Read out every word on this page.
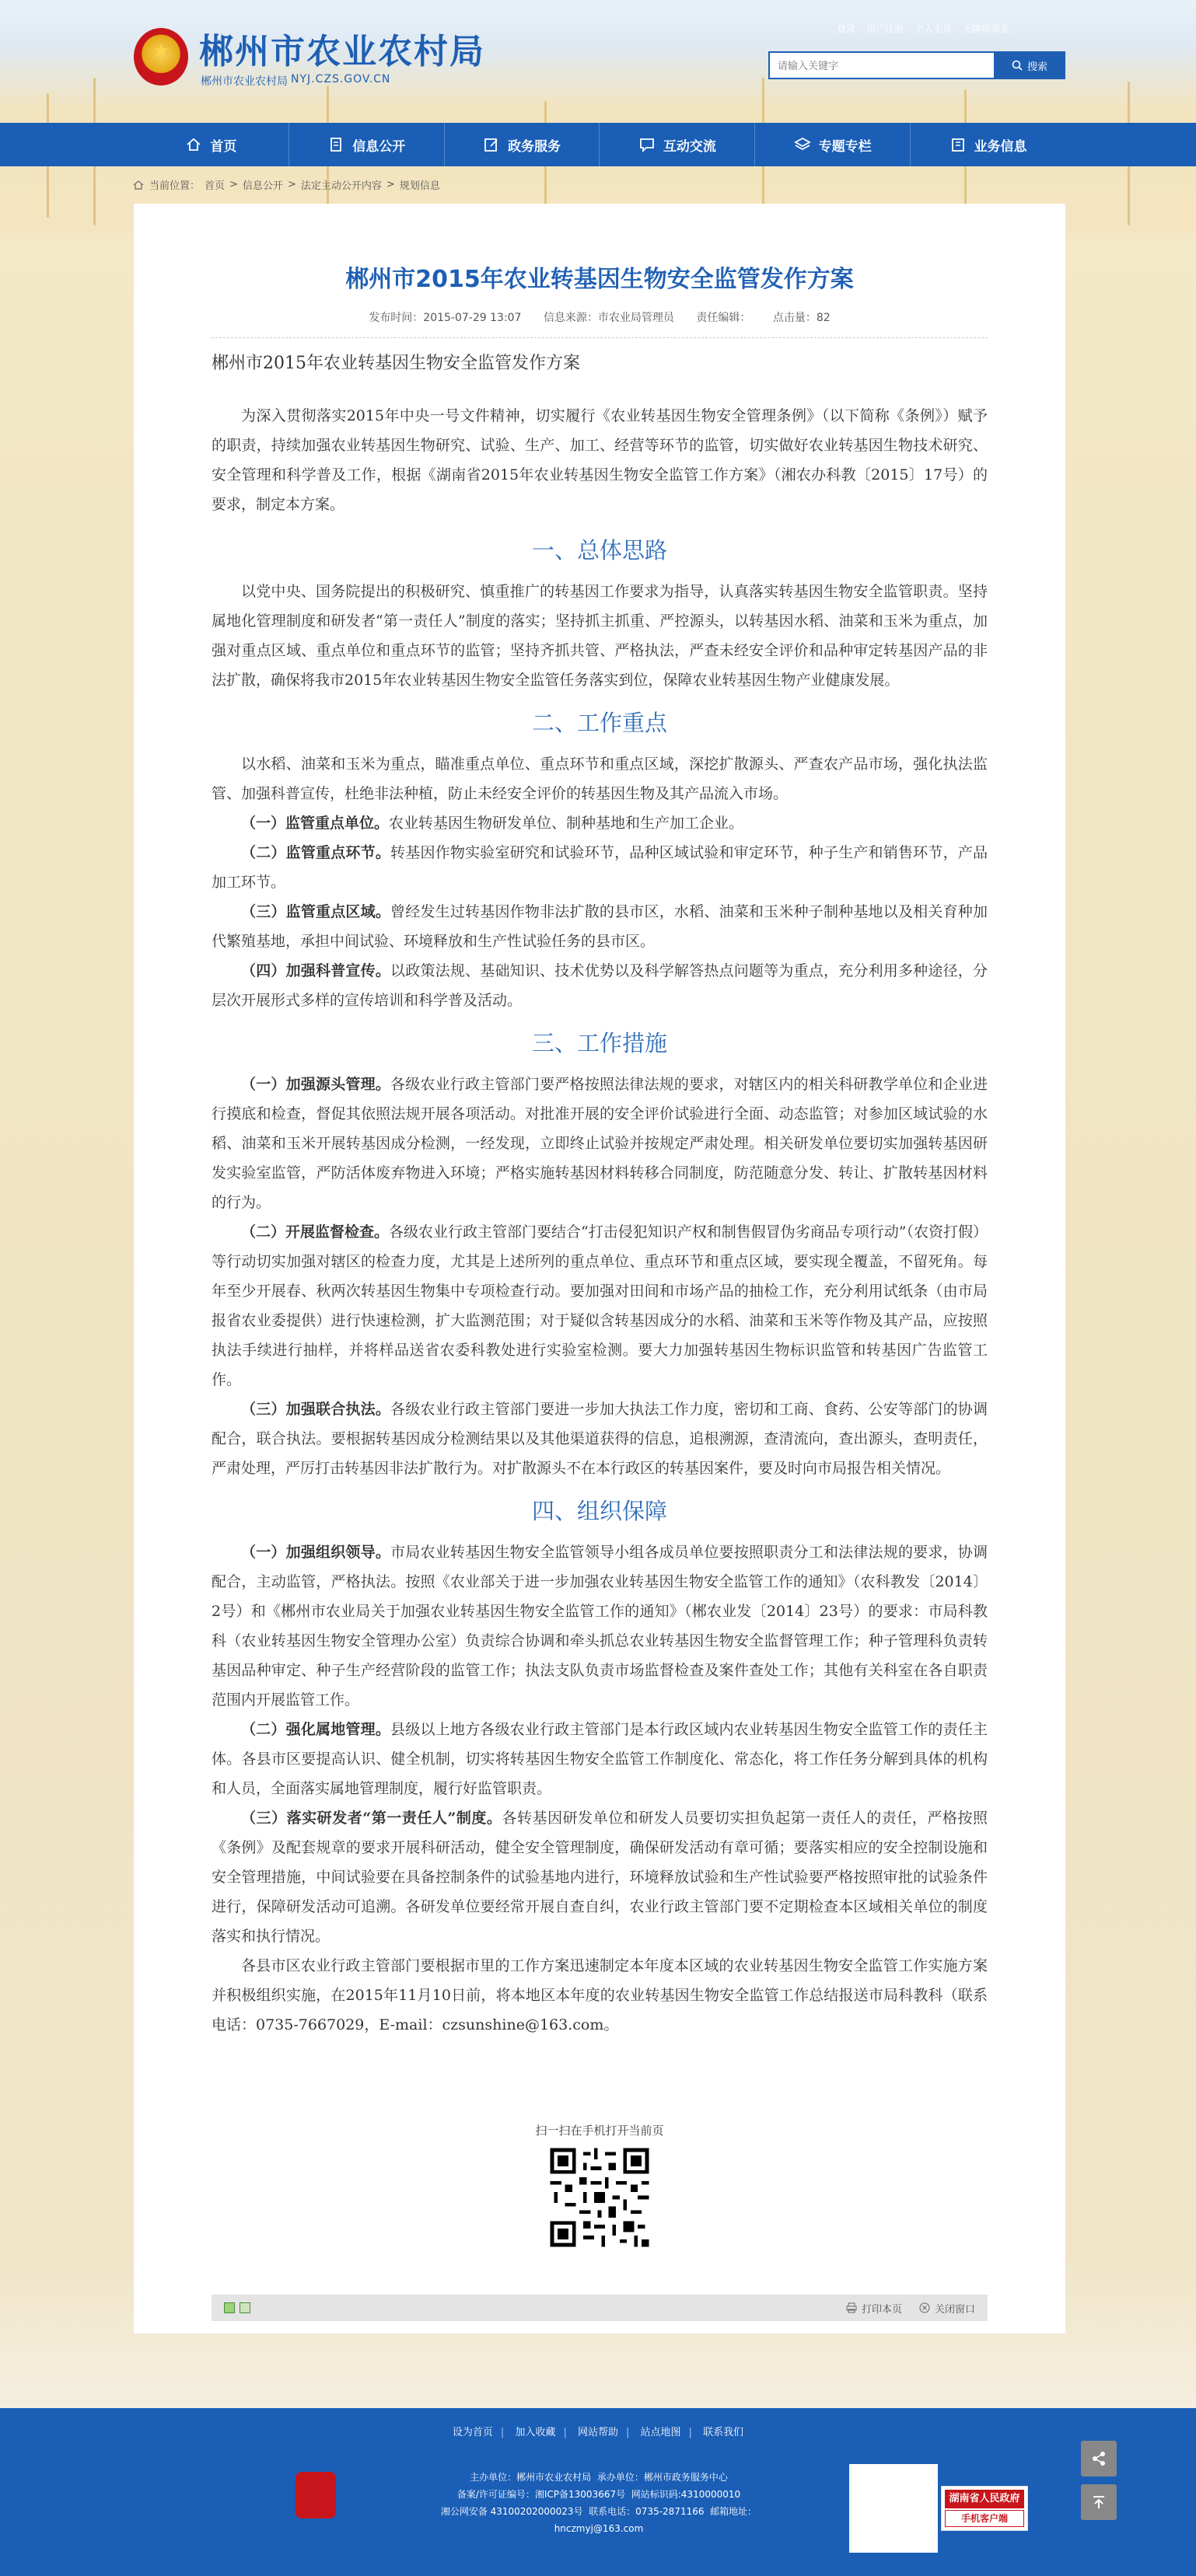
郴州市农业农村局
郴州市农业农村局 NYJ.CZS.GOV.CN
登录 用户注册 个人主页 无障碍浏览
请输入关键字
搜索
首页	信息公开	政务服务	互动交流	专题专栏	业务信息
当前位置： 首页 > 信息公开 > 法定主动公开内容 > 规划信息
郴州市2015年农业转基因生物安全监管发作方案
发布时间：2015-07-29 13:07 信息来源：市农业局管理员 责任编辑： 点击量：82
郴州市2015年农业转基因生物安全监管发作方案

为深入贯彻落实2015年中央一号文件精神，切实履行《农业转基因生物安全管理条例》（以下简称《条例》）赋予的职责，持续加强农业转基因生物研究、试验、生产、加工、经营等环节的监管，切实做好农业转基因生物技术研究、安全管理和科学普及工作，根据《湖南省2015年农业转基因生物安全监管工作方案》（湘农办科教〔2015〕17号）的要求，制定本方案。

一、总体思路

以党中央、国务院提出的积极研究、慎重推广的转基因工作要求为指导，认真落实转基因生物安全监管职责。坚持属地化管理制度和研发者“第一责任人”制度的落实；坚持抓主抓重、严控源头，以转基因水稻、油菜和玉米为重点，加强对重点区域、重点单位和重点环节的监管；坚持齐抓共管、严格执法，严查未经安全评价和品种审定转基因产品的非法扩散，确保将我市2015年农业转基因生物安全监管任务落实到位，保障农业转基因生物产业健康发展。

二、工作重点

以水稻、油菜和玉米为重点，瞄准重点单位、重点环节和重点区域，深挖扩散源头、严查农产品市场，强化执法监管、加强科普宣传，杜绝非法种植，防止未经安全评价的转基因生物及其产品流入市场。

（一）监管重点单位。农业转基因生物研发单位、制种基地和生产加工企业。

（二）监管重点环节。转基因作物实验室研究和试验环节，品种区域试验和审定环节，种子生产和销售环节，产品加工环节。

（三）监管重点区域。曾经发生过转基因作物非法扩散的县市区，水稻、油菜和玉米种子制种基地以及相关育种加代繁殖基地，承担中间试验、环境释放和生产性试验任务的县市区。

（四）加强科普宣传。以政策法规、基础知识、技术优势以及科学解答热点问题等为重点，充分利用多种途径，分层次开展形式多样的宣传培训和科学普及活动。

三、工作措施

（一）加强源头管理。各级农业行政主管部门要严格按照法律法规的要求，对辖区内的相关科研教学单位和企业进行摸底和检查，督促其依照法规开展各项活动。对批准开展的安全评价试验进行全面、动态监管；对参加区域试验的水稻、油菜和玉米开展转基因成分检测，一经发现，立即终止试验并按规定严肃处理。相关研发单位要切实加强转基因研发实验室监管，严防活体废弃物进入环境；严格实施转基因材料转移合同制度，防范随意分发、转让、扩散转基因材料的行为。

（二）开展监督检查。各级农业行政主管部门要结合“打击侵犯知识产权和制售假冒伪劣商品专项行动”（农资打假）等行动切实加强对辖区的检查力度，尤其是上述所列的重点单位、重点环节和重点区域，要实现全覆盖，不留死角。每年至少开展春、秋两次转基因生物集中专项检查行动。要加强对田间和市场产品的抽检工作，充分利用试纸条（由市局报省农业委提供）进行快速检测，扩大监测范围；对于疑似含转基因成分的水稻、油菜和玉米等作物及其产品，应按照执法手续进行抽样，并将样品送省农委科教处进行实验室检测。要大力加强转基因生物标识监管和转基因广告监管工作。

（三）加强联合执法。各级农业行政主管部门要进一步加大执法工作力度，密切和工商、食药、公安等部门的协调配合，联合执法。要根据转基因成分检测结果以及其他渠道获得的信息，追根溯源，查清流向，查出源头，查明责任，严肃处理，严厉打击转基因非法扩散行为。对扩散源头不在本行政区的转基因案件，要及时向市局报告相关情况。

四、组织保障

（一）加强组织领导。市局农业转基因生物安全监管领导小组各成员单位要按照职责分工和法律法规的要求，协调配合，主动监管，严格执法。按照《农业部关于进一步加强农业转基因生物安全监管工作的通知》（农科教发〔2014〕2号）和《郴州市农业局关于加强农业转基因生物安全监管工作的通知》（郴农业发〔2014〕23号）的要求：市局科教科（农业转基因生物安全管理办公室）负责综合协调和牵头抓总农业转基因生物安全监督管理工作；种子管理科负责转基因品种审定、种子生产经营阶段的监管工作；执法支队负责市场监督检查及案件查处工作；其他有关科室在各自职责范围内开展监管工作。

（二）强化属地管理。县级以上地方各级农业行政主管部门是本行政区域内农业转基因生物安全监管工作的责任主体。各县市区要提高认识、健全机制，切实将转基因生物安全监管工作制度化、常态化，将工作任务分解到具体的机构和人员，全面落实属地管理制度，履行好监管职责。

（三）落实研发者“第一责任人”制度。各转基因研发单位和研发人员要切实担负起第一责任人的责任，严格按照《条例》及配套规章的要求开展科研活动，健全安全管理制度，确保研发活动有章可循；要落实相应的安全控制设施和安全管理措施，中间试验要在具备控制条件的试验基地内进行，环境释放试验和生产性试验要严格按照审批的试验条件进行，保障研发活动可追溯。各研发单位要经常开展自查自纠，农业行政主管部门要不定期检查本区域相关单位的制度落实和执行情况。

各县市区农业行政主管部门要根据市里的工作方案迅速制定本年度本区域的农业转基因生物安全监管工作实施方案并积极组织实施，在2015年11月10日前，将本地区本年度的农业转基因生物安全监管工作总结报送市局科教科（联系电话：0735-7667029，E-mail：czsunshine@163.com。

扫一扫在手机打开当前页
打印本页	关闭窗口
设为首页 | 加入收藏 | 网站帮助 | 站点地图 | 联系我们
主办单位：郴州市农业农村局 承办单位：郴州市政务服务中心
备案/许可证编号：湘ICP备13003667号 网站标识码:4310000010
湘公网安备 43100202000023号 联系电话：0735-2871166 邮箱地址：
hnczmyj@163.com
湖南省人民政府
手机客户端
